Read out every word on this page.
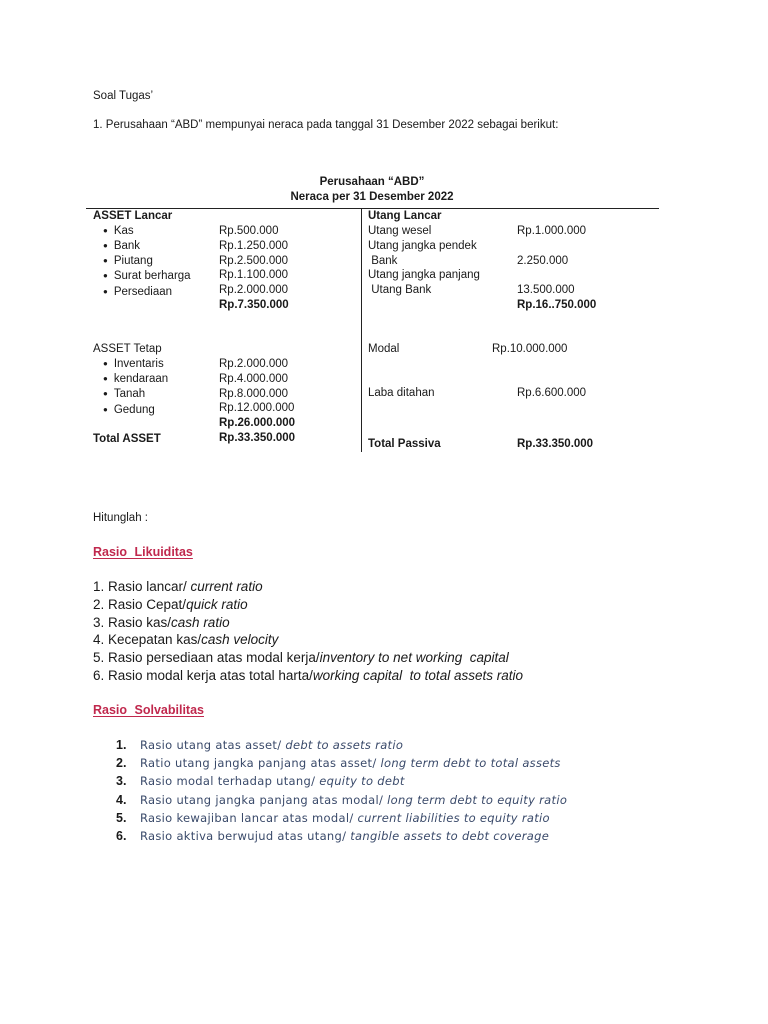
Soal Tugas’
1. Perusahaan “ABD” mempunyai neraca pada tanggal 31 Desember 2022 sebagai berikut:
Perusahaan “ABD”
Neraca per 31 Desember 2022
ASSET Lancar
● Kas	Rp.500.000
● Bank	Rp.1.250.000
● Piutang	Rp.2.500.000
● Surat berharga Rp.1.100.000
● Persediaan	Rp.2.000.000
Rp.7.350.000
ASSET Tetap
● Inventaris	Rp.2.000.000
● kendaraan	Rp.4.000.000
● Tanah	Rp.8.000.000
● Gedung	Rp.12.000.000
Rp.26.000.000
Total ASSET	Rp.33.350.000
Utang Lancar
Utang wesel	Rp.1.000.000
Utang jangka pendek
Bank	2.250.000
Utang jangka panjang
Utang Bank	13.500.000
Rp.16..750.000
Modal	Rp.10.000.000
Laba ditahan	Rp.6.600.000
Total Passiva	Rp.33.350.000
Hitunglah :
Rasio Likuiditas
1. Rasio lancar/ current ratio
2. Rasio Cepat/quick ratio
3. Rasio kas/cash ratio
4. Kecepatan kas/cash velocity
5. Rasio persediaan atas modal kerja/inventory to net working  capital
6. Rasio modal kerja atas total harta/working capital  to total assets ratio
Rasio Solvabilitas
1.	Rasio utang atas asset/ debt to assets ratio
2.	Ratio utang jangka panjang atas asset/ long term debt to total assets
3.	Rasio modal terhadap utang/ equity to debt
4.	Rasio utang jangka panjang atas modal/ long term debt to equity ratio
5.	Rasio kewajiban lancar atas modal/ current liabilities to equity ratio
6.	Rasio aktiva berwujud atas utang/ tangible assets to debt coverage
